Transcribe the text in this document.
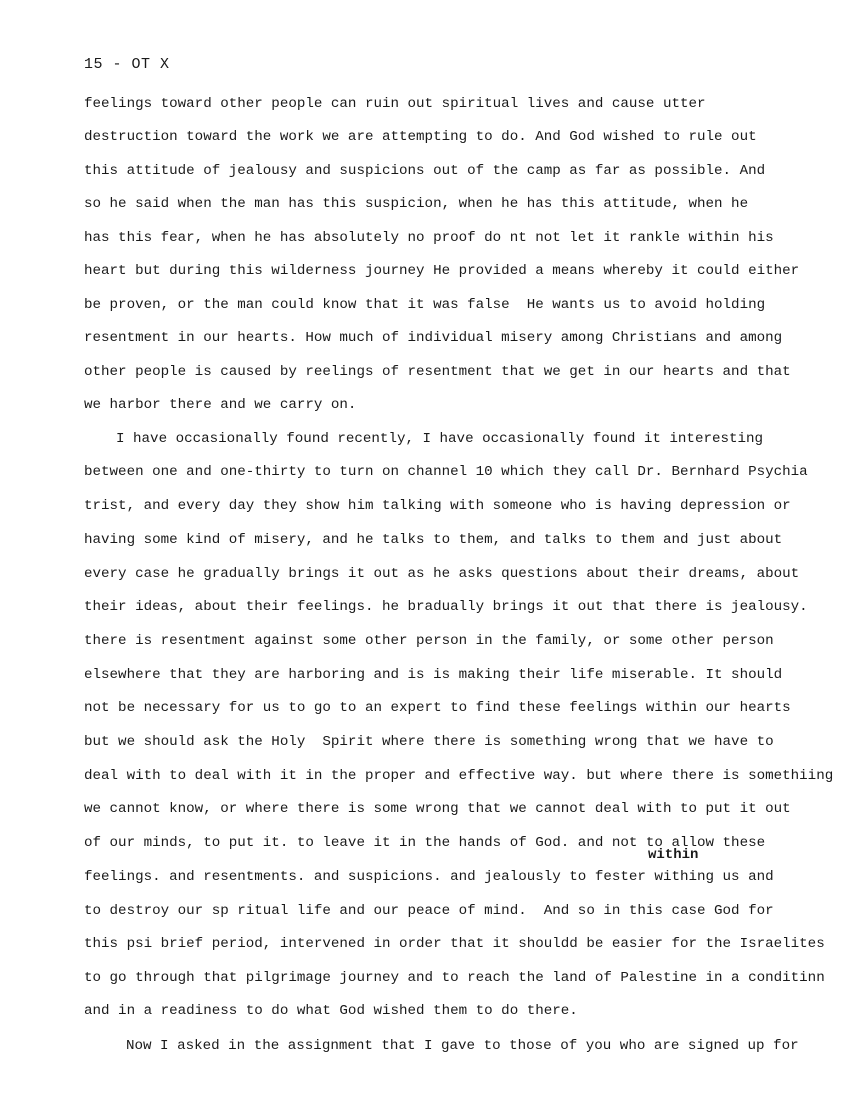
15 - OT X
feelings toward other people can ruin out spiritual lives and cause utter
destruction toward the work we are attempting to do. And God wished to rule out
this attitude of jealousy and suspicions out of the camp as far as possible. And
so he said when the man has this suspicion, when he has this attitude, when he
has this fear, when he has absolutely no proof do nt not let it rankle within his
heart but during this wilderness journey He provided a means whereby it could either
be proven, or the man could know that it was false  He wants us to avoid holding
resentment in our hearts. How much of individual misery among Christians and among
other people is caused by reelings of resentment that we get in our hearts and that
we harbor there and we carry on.
I have occasionally found recently, I have occasionally found it interesting
between one and one-thirty to turn on channel 10 which they call Dr. Bernhard Psychia
trist, and every day they show him talking with someone who is having depression or
having some kind of misery, and he talks to them, and talks to them and just about
every case he gradually brings it out as he asks questions about their dreams, about
their ideas, about their feelings. he bradually brings it out that there is jealousy.
there is resentment against some other person in the family, or some other person
elsewhere that they are harboring and is is making their life miserable. It should
not be necessary for us to go to an expert to find these feelings within our hearts
but we should ask the Holy  Spirit where there is something wrong that we have to
deal with to deal with it in the proper and effective way. but where there is somethiing
we cannot know, or where there is some wrong that we cannot deal with to put it out
of our minds, to put it. to leave it in the hands of God. and not to allow these
within
feelings. and resentments. and suspicions. and jealously to fester withing us and
to destroy our sp ritual life and our peace of mind.  And so in this case God for
this psi brief period, intervened in order that it shouldd be easier for the Israelites
to go through that pilgrimage journey and to reach the land of Palestine in a conditinn
and in a readiness to do what God wished them to do there.
Now I asked in the assignment that I gave to those of you who are signed up for
